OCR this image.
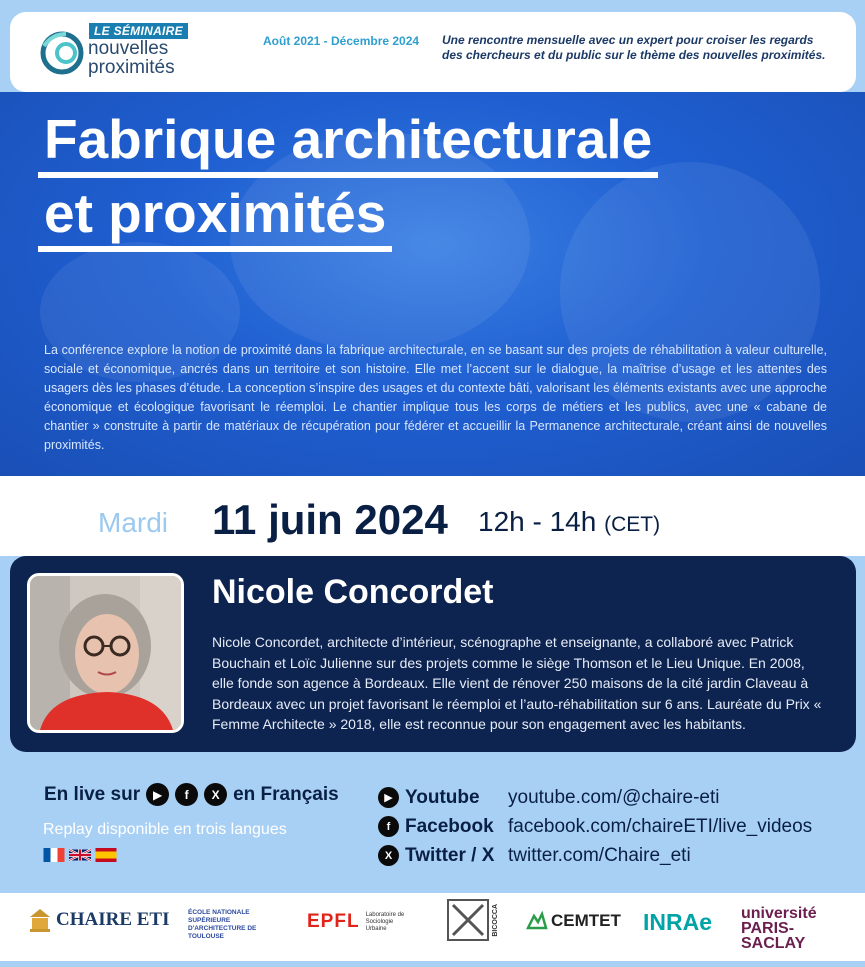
LE SÉMINAIRE
nouvelles
proximités
Août 2021 - Décembre 2024 Une rencontre mensuelle avec un expert pour croiser les regards des chercheurs et du public sur le thème des nouvelles proximités.
Fabrique architecturale
et proximités
La conférence explore la notion de proximité dans la fabrique architecturale, en se basant sur des projets de réhabilitation à valeur culturelle, sociale et économique, ancrés dans un territoire et son histoire. Elle met l’accent sur le dialogue, la maîtrise d’usage et les attentes des usagers dès les phases d’étude. La conception s’inspire des usages et du contexte bâti, valorisant les éléments existants avec une approche économique et écologique favorisant le réemploi. Le chantier implique tous les corps de métiers et les publics, avec une « cabane de chantier » construite à partir de matériaux de récupération pour fédérer et accueillir la Permanence architecturale, créant ainsi de nouvelles proximités.
Mardi 11 juin 2024 12h - 14h (CET)
Nicole Concordet
Nicole Concordet, architecte d’intérieur, scénographe et enseignante, a collaboré avec Patrick Bouchain et Loïc Julienne sur des projets comme le siège Thomson et le Lieu Unique. En 2008, elle fonde son agence à Bordeaux. Elle vient de rénover 250 maisons de la cité jardin Claveau à Bordeaux avec un projet favorisant le réemploi et l’auto-réhabilitation sur 6 ans. Lauréate du Prix « Femme Architecte » 2018, elle est reconnue pour son engagement avec les habitants.
En live sur	▶	f	X en Français
Replay disponible en trois langues
▶ Youtube	youtube.com/@chaire-eti
f Facebook facebook.com/chaireETI/live_videos
X Twitter / X twitter.com/Chaire_eti
CHAIRE ETI	ÉCOLE NATIONALE SUPÉRIEURE D'ARCHITECTURE DE TOULOUSE
EPFL Laboratoire de Sociologie Urbaine	BICOCCA	CEMTET INRAe université PARIS-SACLAY
